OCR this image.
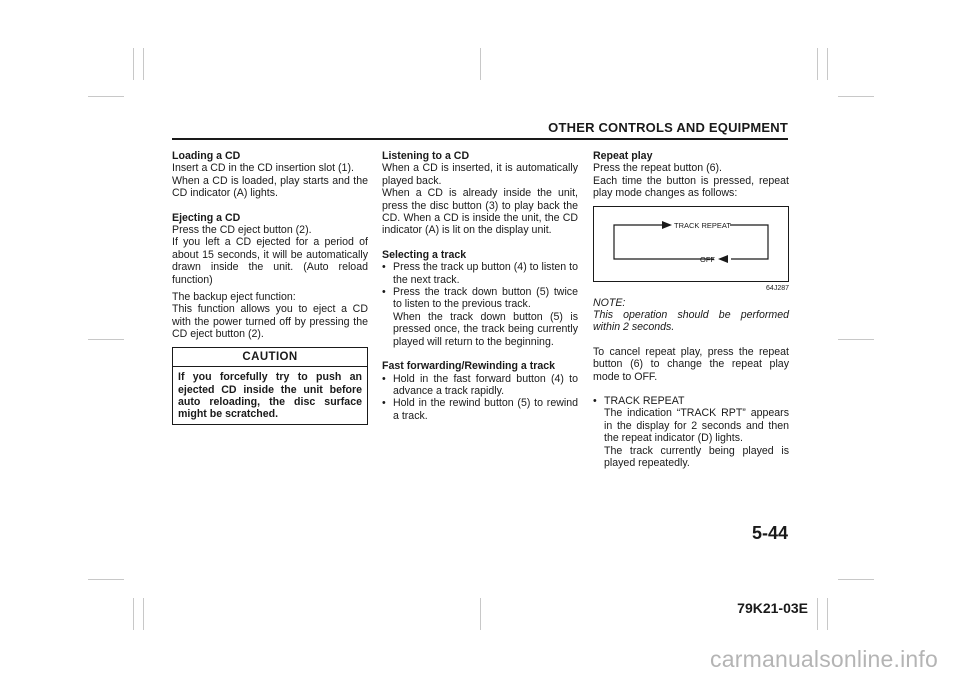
OTHER CONTROLS AND EQUIPMENT

Loading a CD

Insert a CD in the CD insertion slot (1).

When a CD is loaded, play starts and the CD indicator (A) lights.

Ejecting a CD

Press the CD eject button (2).

If you left a CD ejected for a period of about 15 seconds, it will be automatically drawn inside the unit. (Auto reload function)

The backup eject function:

This function allows you to eject a CD with the power turned off by pressing the CD eject button (2).

CAUTION
If you forcefully try to push an ejected CD inside the unit before auto reloading, the disc surface might be scratched.

Listening to a CD

When a CD is inserted, it is automatically played back.

When a CD is already inside the unit, press the disc button (3) to play back the CD. When a CD is inside the unit, the CD indicator (A) is lit on the display unit.

Selecting a track

• Press the track up button (4) to listen to the next track.
• Press the track down button (5) twice to listen to the previous track.
When the track down button (5) is pressed once, the track being currently played will return to the beginning.

Fast forwarding/Rewinding a track

• Hold in the fast forward button (4) to advance a track rapidly.
• Hold in the rewind button (5) to rewind a track.

Repeat play

Press the repeat button (6).

Each time the button is pressed, repeat play mode changes as follows:

TRACK REPEAT
OFF
64J287

NOTE:

This operation should be performed within 2 seconds.

To cancel repeat play, press the repeat button (6) to change the repeat play mode to OFF.

• TRACK REPEAT
The indication “TRACK RPT” appears in the display for 2 seconds and then the repeat indicator (D) lights.
The track currently being played is played repeatedly.
5-44
79K21-03E
carmanualsonline.info
